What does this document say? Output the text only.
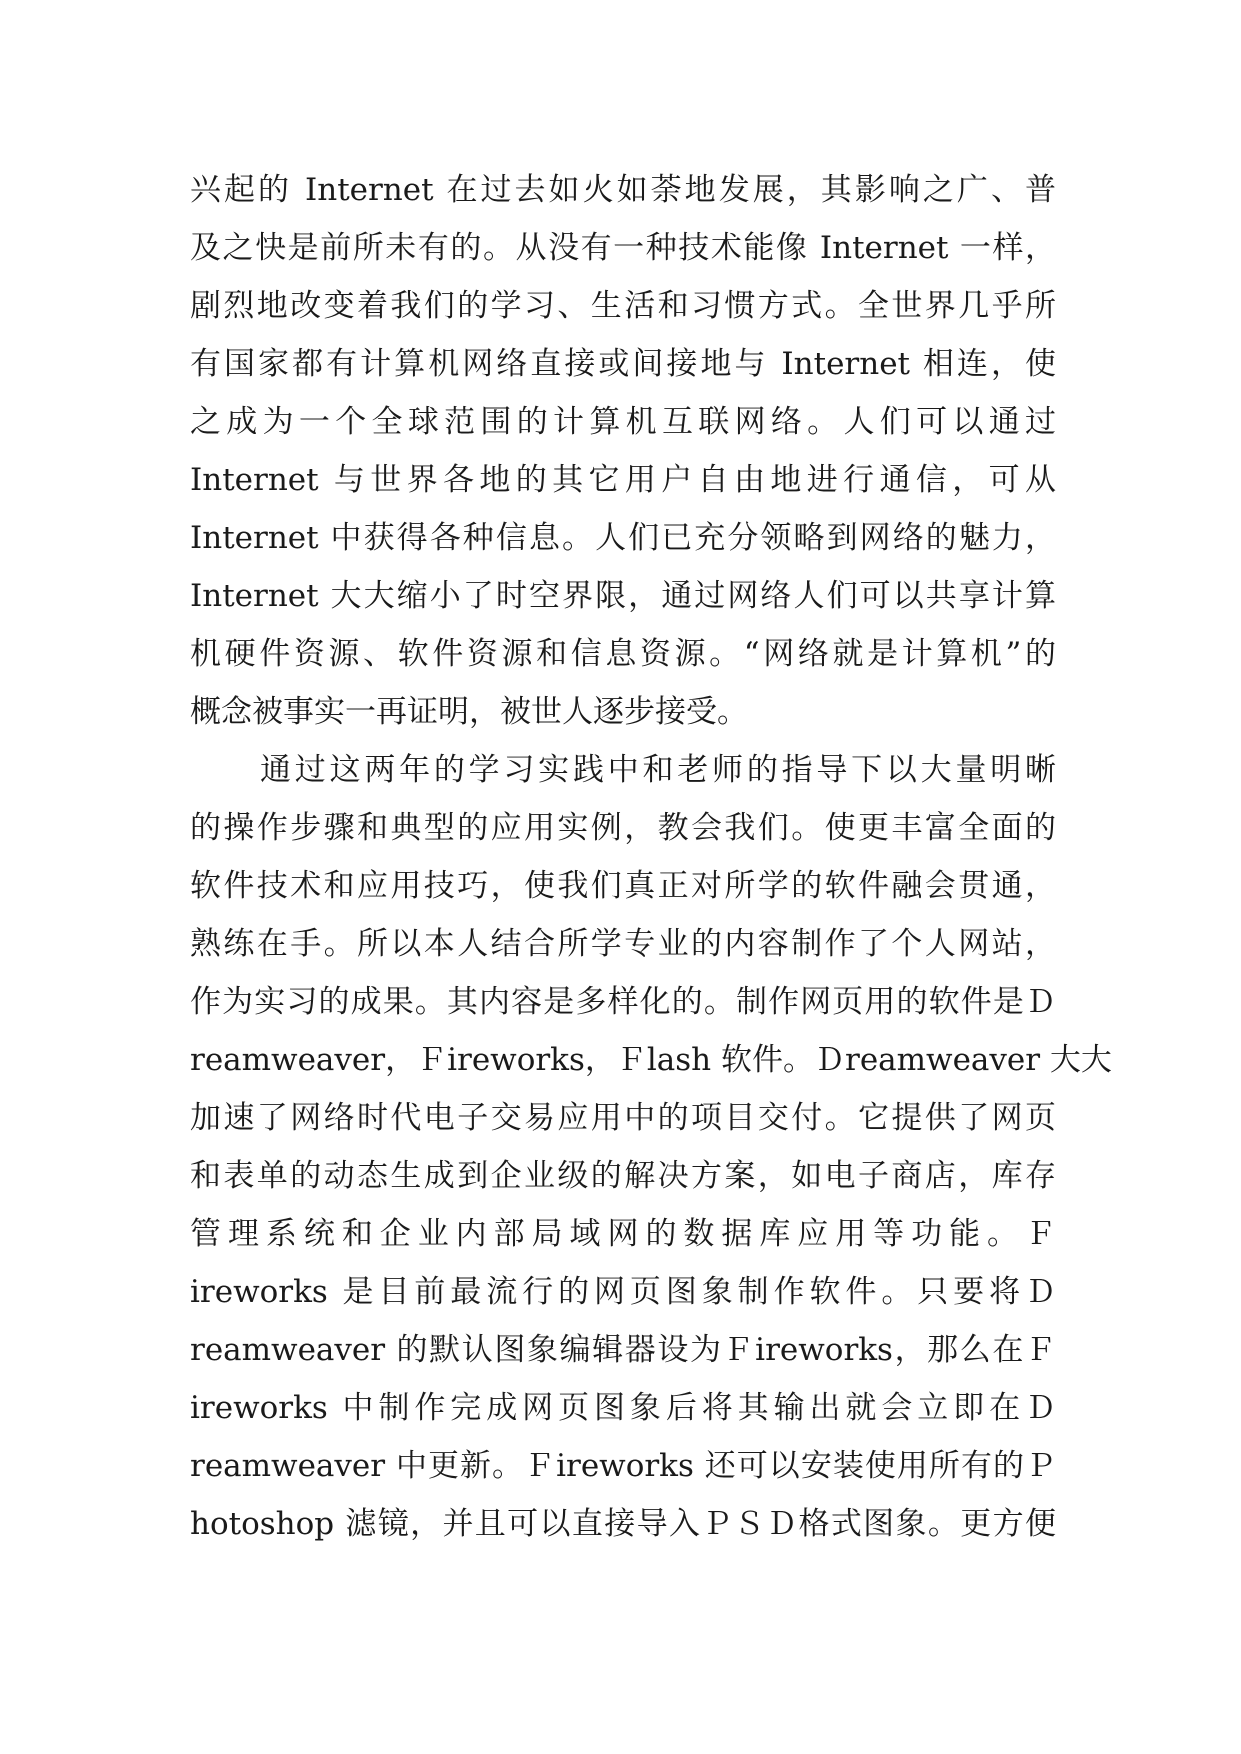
兴起的 Internet 在过去如火如荼地发展，其影响之广、普
及之快是前所未有的。从没有一种技术能像 Internet 一样，
剧烈地改变着我们的学习、生活和习惯方式。全世界几乎所
有国家都有计算机网络直接或间接地与 Internet 相连，使
之成为一个全球范围的计算机互联网络。人们可以通过
Internet 与世界各地的其它用户自由地进行通信，可从
Internet 中获得各种信息。人们已充分领略到网络的魅力，
Internet 大大缩小了时空界限，通过网络人们可以共享计算
机硬件资源、软件资源和信息资源。“网络就是计算机”的
概念被事实一再证明，被世人逐步接受。
通过这两年的学习实践中和老师的指导下以大量明晰
的操作步骤和典型的应用实例，教会我们。使更丰富全面的
软件技术和应用技巧，使我们真正对所学的软件融会贯通，
熟练在手。所以本人结合所学专业的内容制作了个人网站，
作为实习的成果。其内容是多样化的。制作网页用的软件是Ｄ
reamweaver，Ｆireworks，Ｆlash 软件。Ｄreamweaver 大大
加速了网络时代电子交易应用中的项目交付。它提供了网页
和表单的动态生成到企业级的解决方案，如电子商店，库存
管理系统和企业内部局域网的数据库应用等功能。Ｆ
ireworks 是目前最流行的网页图象制作软件。只要将Ｄ
reamweaver 的默认图象编辑器设为Ｆireworks，那么在Ｆ
ireworks 中制作完成网页图象后将其输出就会立即在Ｄ
reamweaver 中更新。Ｆireworks 还可以安装使用所有的Ｐ
hotoshop 滤镜，并且可以直接导入ＰＳＤ格式图象。更方便
